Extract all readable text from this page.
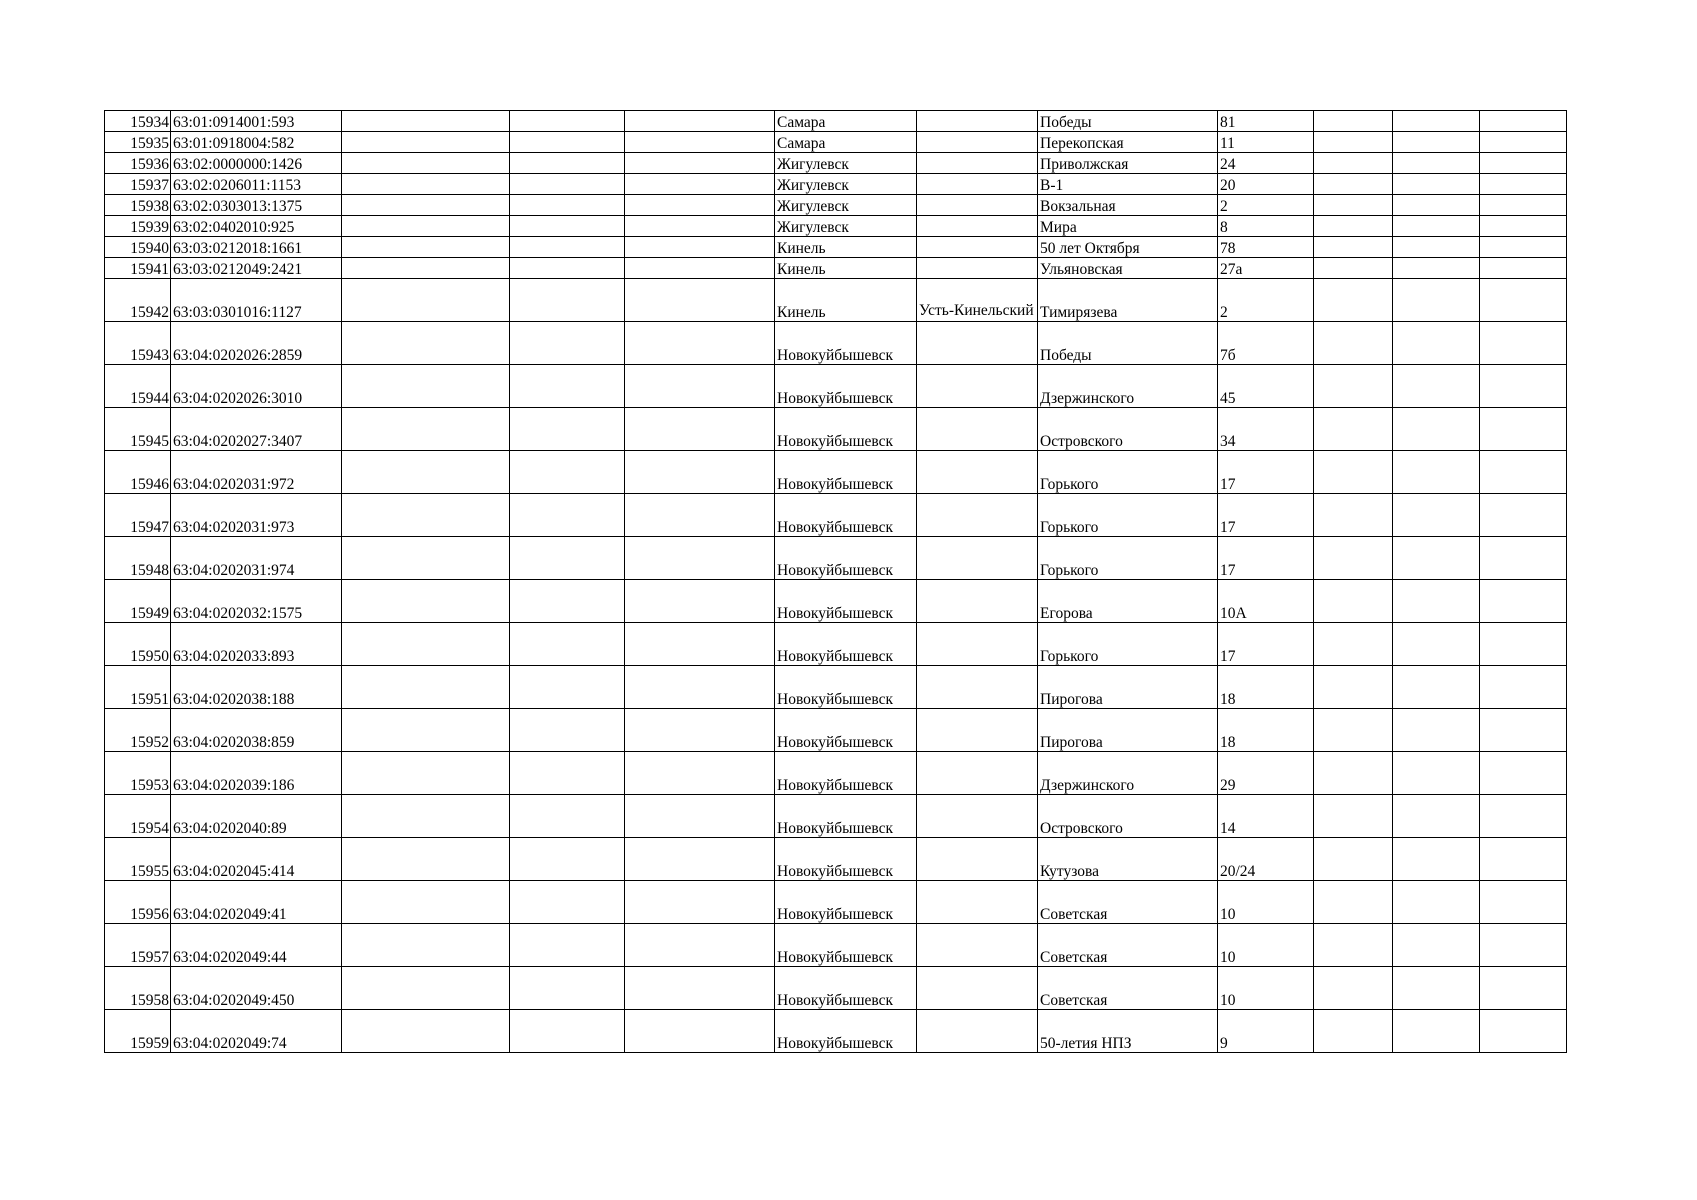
15934	63:01:0914001:593				Самара		Победы	81			
15935	63:01:0918004:582				Самара		Перекопская	11			
15936	63:02:0000000:1426				Жигулевск		Приволжская	24			
15937	63:02:0206011:1153				Жигулевск		В-1	20			
15938	63:02:0303013:1375				Жигулевск		Вокзальная	2			
15939	63:02:0402010:925				Жигулевск		Мира	8			
15940	63:03:0212018:1661				Кинель		50 лет Октября	78			
15941	63:03:0212049:2421				Кинель		Ульяновская	27а			
15942	63:03:0301016:1127				Кинель	Усть-Кинельский	Тимирязева	2			
15943	63:04:0202026:2859				Новокуйбышевск		Победы	7б			
15944	63:04:0202026:3010				Новокуйбышевск		Дзержинского	45			
15945	63:04:0202027:3407				Новокуйбышевск		Островского	34			
15946	63:04:0202031:972				Новокуйбышевск		Горького	17			
15947	63:04:0202031:973				Новокуйбышевск		Горького	17			
15948	63:04:0202031:974				Новокуйбышевск		Горького	17			
15949	63:04:0202032:1575				Новокуйбышевск		Егорова	10А			
15950	63:04:0202033:893				Новокуйбышевск		Горького	17			
15951	63:04:0202038:188				Новокуйбышевск		Пирогова	18			
15952	63:04:0202038:859				Новокуйбышевск		Пирогова	18			
15953	63:04:0202039:186				Новокуйбышевск		Дзержинского	29			
15954	63:04:0202040:89				Новокуйбышевск		Островского	14			
15955	63:04:0202045:414				Новокуйбышевск		Кутузова	20/24			
15956	63:04:0202049:41				Новокуйбышевск		Советская	10			
15957	63:04:0202049:44				Новокуйбышевск		Советская	10			
15958	63:04:0202049:450				Новокуйбышевск		Советская	10			
15959	63:04:0202049:74				Новокуйбышевск		50-летия НПЗ	9			
